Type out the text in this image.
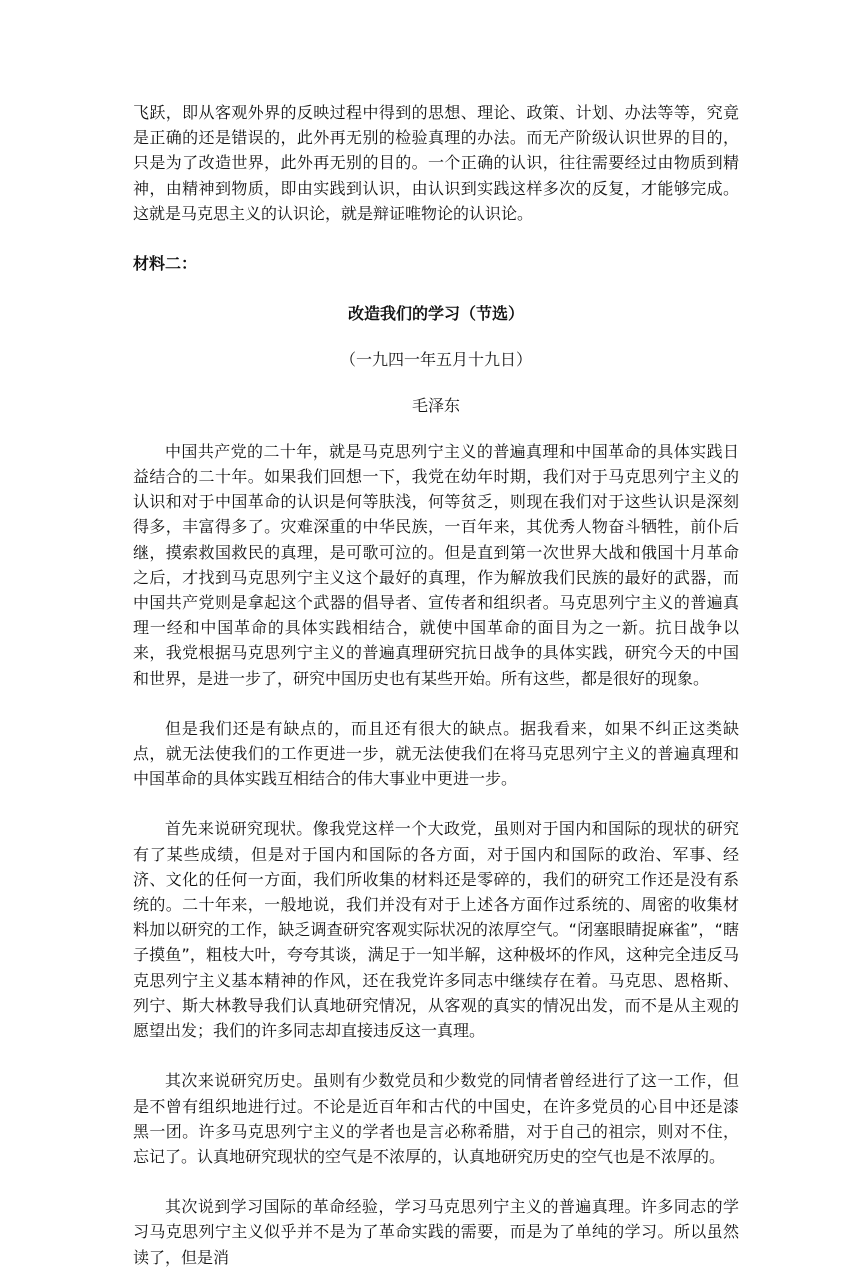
飞跃，即从客观外界的反映过程中得到的思想、理论、政策、计划、办法等等，究竟是正确的还是错误的，此外再无别的检验真理的办法。而无产阶级认识世界的目的，只是为了改造世界，此外再无别的目的。一个正确的认识，往往需要经过由物质到精神，由精神到物质，即由实践到认识，由认识到实践这样多次的反复，才能够完成。这就是马克思主义的认识论，就是辩证唯物论的认识论。

材料二：

改造我们的学习（节选）

（一九四一年五月十九日）

毛泽东

中国共产党的二十年，就是马克思列宁主义的普遍真理和中国革命的具体实践日益结合的二十年。如果我们回想一下，我党在幼年时期，我们对于马克思列宁主义的认识和对于中国革命的认识是何等肤浅，何等贫乏，则现在我们对于这些认识是深刻得多，丰富得多了。灾难深重的中华民族，一百年来，其优秀人物奋斗牺牲，前仆后继，摸索救国救民的真理，是可歌可泣的。但是直到第一次世界大战和俄国十月革命之后，才找到马克思列宁主义这个最好的真理，作为解放我们民族的最好的武器，而中国共产党则是拿起这个武器的倡导者、宣传者和组织者。马克思列宁主义的普遍真理一经和中国革命的具体实践相结合，就使中国革命的面目为之一新。抗日战争以来，我党根据马克思列宁主义的普遍真理研究抗日战争的具体实践，研究今天的中国和世界，是进一步了，研究中国历史也有某些开始。所有这些，都是很好的现象。

但是我们还是有缺点的，而且还有很大的缺点。据我看来，如果不纠正这类缺点，就无法使我们的工作更进一步，就无法使我们在将马克思列宁主义的普遍真理和中国革命的具体实践互相结合的伟大事业中更进一步。

首先来说研究现状。像我党这样一个大政党，虽则对于国内和国际的现状的研究有了某些成绩，但是对于国内和国际的各方面，对于国内和国际的政治、军事、经济、文化的任何一方面，我们所收集的材料还是零碎的，我们的研究工作还是没有系统的。二十年来，一般地说，我们并没有对于上述各方面作过系统的、周密的收集材料加以研究的工作，缺乏调查研究客观实际状况的浓厚空气。“闭塞眼睛捉麻雀”，“瞎子摸鱼”，粗枝大叶，夸夸其谈，满足于一知半解，这种极坏的作风，这种完全违反马克思列宁主义基本精神的作风，还在我党许多同志中继续存在着。马克思、恩格斯、列宁、斯大林教导我们认真地研究情况，从客观的真实的情况出发，而不是从主观的愿望出发；我们的许多同志却直接违反这一真理。

其次来说研究历史。虽则有少数党员和少数党的同情者曾经进行了这一工作，但是不曾有组织地进行过。不论是近百年和古代的中国史，在许多党员的心目中还是漆黑一团。许多马克思列宁主义的学者也是言必称希腊，对于自己的祖宗，则对不住，忘记了。认真地研究现状的空气是不浓厚的，认真地研究历史的空气也是不浓厚的。

其次说到学习国际的革命经验，学习马克思列宁主义的普遍真理。许多同志的学习马克思列宁主义似乎并不是为了革命实践的需要，而是为了单纯的学习。所以虽然读了，但是消
